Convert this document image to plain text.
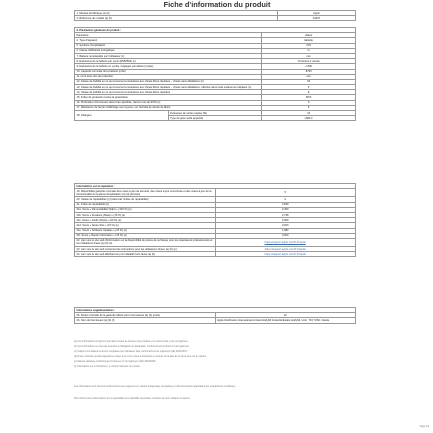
Fiche d'information du produit
1. Marque de fabrique (a) (b)	Apple
2. Référence du modèle (a) (b)	A2467
3. Paramètres généraux du produit :		
Paramètre		Valeur
4. Type d'appareil		tablette
5. Système d'exploitation		iOS
6. Classe d'efficacité énergétique		G
7. Batterie remplaçable par l'utilisateur (c)		non
8. Endurance de la batterie par cycle (EN50564) (c)		13 heures 0 minute
9. Endurance de la batterie en cycles / réglages par défaut (cycles)		≥ 800
10. Capacité nominale de la batterie (mAh)		8730
11. Limit avec don de protection		non
12. Classe de fiabilité en ce qui concerne la résistance aux chutes libres répétées – chutes sans défaillance (n)		54
13. Classe de fiabilité en ce qui concerne la résistance aux chutes libres répétées – chutes sans défaillance, effectué dans l'état entièrement déplacé (n)		F
14. Classe de fiabilité en ce qui concerne la résistance aux chutes libres répétées		E
15. Indice de protection contre la pénétration		IP0X
16. Profondeur d'immersion dans l'eau spécifiée, dans le cas de IPx8 (m)		0
17. Résistance de l'écran d'affichage aux rayures, sur l'échelle de dureté de Mohs		6
18. Chargeur	Puissance de sortie requise (W)	15
	Type de prise (côté appareil)	USB-C
Informations sur la réparation :	
19. Disponibilité garantie minimale des mises à jour de sécurité, des mises à jour correctives et des mises à jour de la fonctionnalité du système d'exploitation (a) (d) (années)	5
20. Classe de réparabilité (c) (Calcul de l'indice de réparabilité)	C
21. Indice de réparabilité (e)	2,840
21a. Score « Démontabilité (Sdpt) » (120 %) (e)	3,400
21b. Score « Fixations (Sfast) » (15 %) (e)	2,748
21c. Score « Outils (Stool) » (20 %) (e)	3,000
21d. Score « Spare Part » (15 %) (e)	0,000
21e. Score « Software Updates » (15 %) (e)	1,983
21f. Score « Repair Information » (15 %) (e)	0,000
22. Lien vers le site web d'information sur la disponibilité de pièces de rechange pour les réparateurs professionnels et les utilisateurs finaux (a) (b) (e)	https://support.apple.com/fr-fr/repair
23. Lien vers le site web contenant les instructions pour les utilisateurs finaux (a) (b) (e)	https://support.apple.com/fr-fr/guide
24. Lien vers le site web affichant les prix indicatifs hors taxes (a) (b)	https://support.apple.com/fr-fr/repair
Informations supplémentaires :	
25. Durée minimale de la garantie offerte par le fournisseur (a) (b) (mois)	12
26. Nom du fournisseur (a) (b) (f)	Apple Distribution International Limited Hollyhill Industrial Estate Hollyhill, Cork, T23 YK84, Irlande
(a) Ces informations ne figurent pas dans la base de données des produits et ne doivent pas y être enregistrées.
(b) Ces informations ne sont pas soumises à l'obligation de déclaration, conformément à l'article 14 du règlement.
(c) Indiquer si la batterie peut être remplacée par l'utilisateur final, conformément au règlement (UE) 2023/1670.
(d) Durée minimale pendant laquelle les mises à jour sont mises à disposition à compter de la date de fin de la mise sur le marché.
(e) Valeurs calculées conformément à l'annexe IV du règlement (UE) 2023/1669.
(f) Informations sur le fournisseur, y compris l'adresse de contact.
Ces informations sont fournies conformément aux exigences en matière d'étiquetage énergétique et d'écoconception applicables aux smartphones et tablettes.
Pour obtenir plus d'informations sur la réparabilité et la durabilité du produit, consultez les liens indiqués ci-dessus.
Page 1/1
